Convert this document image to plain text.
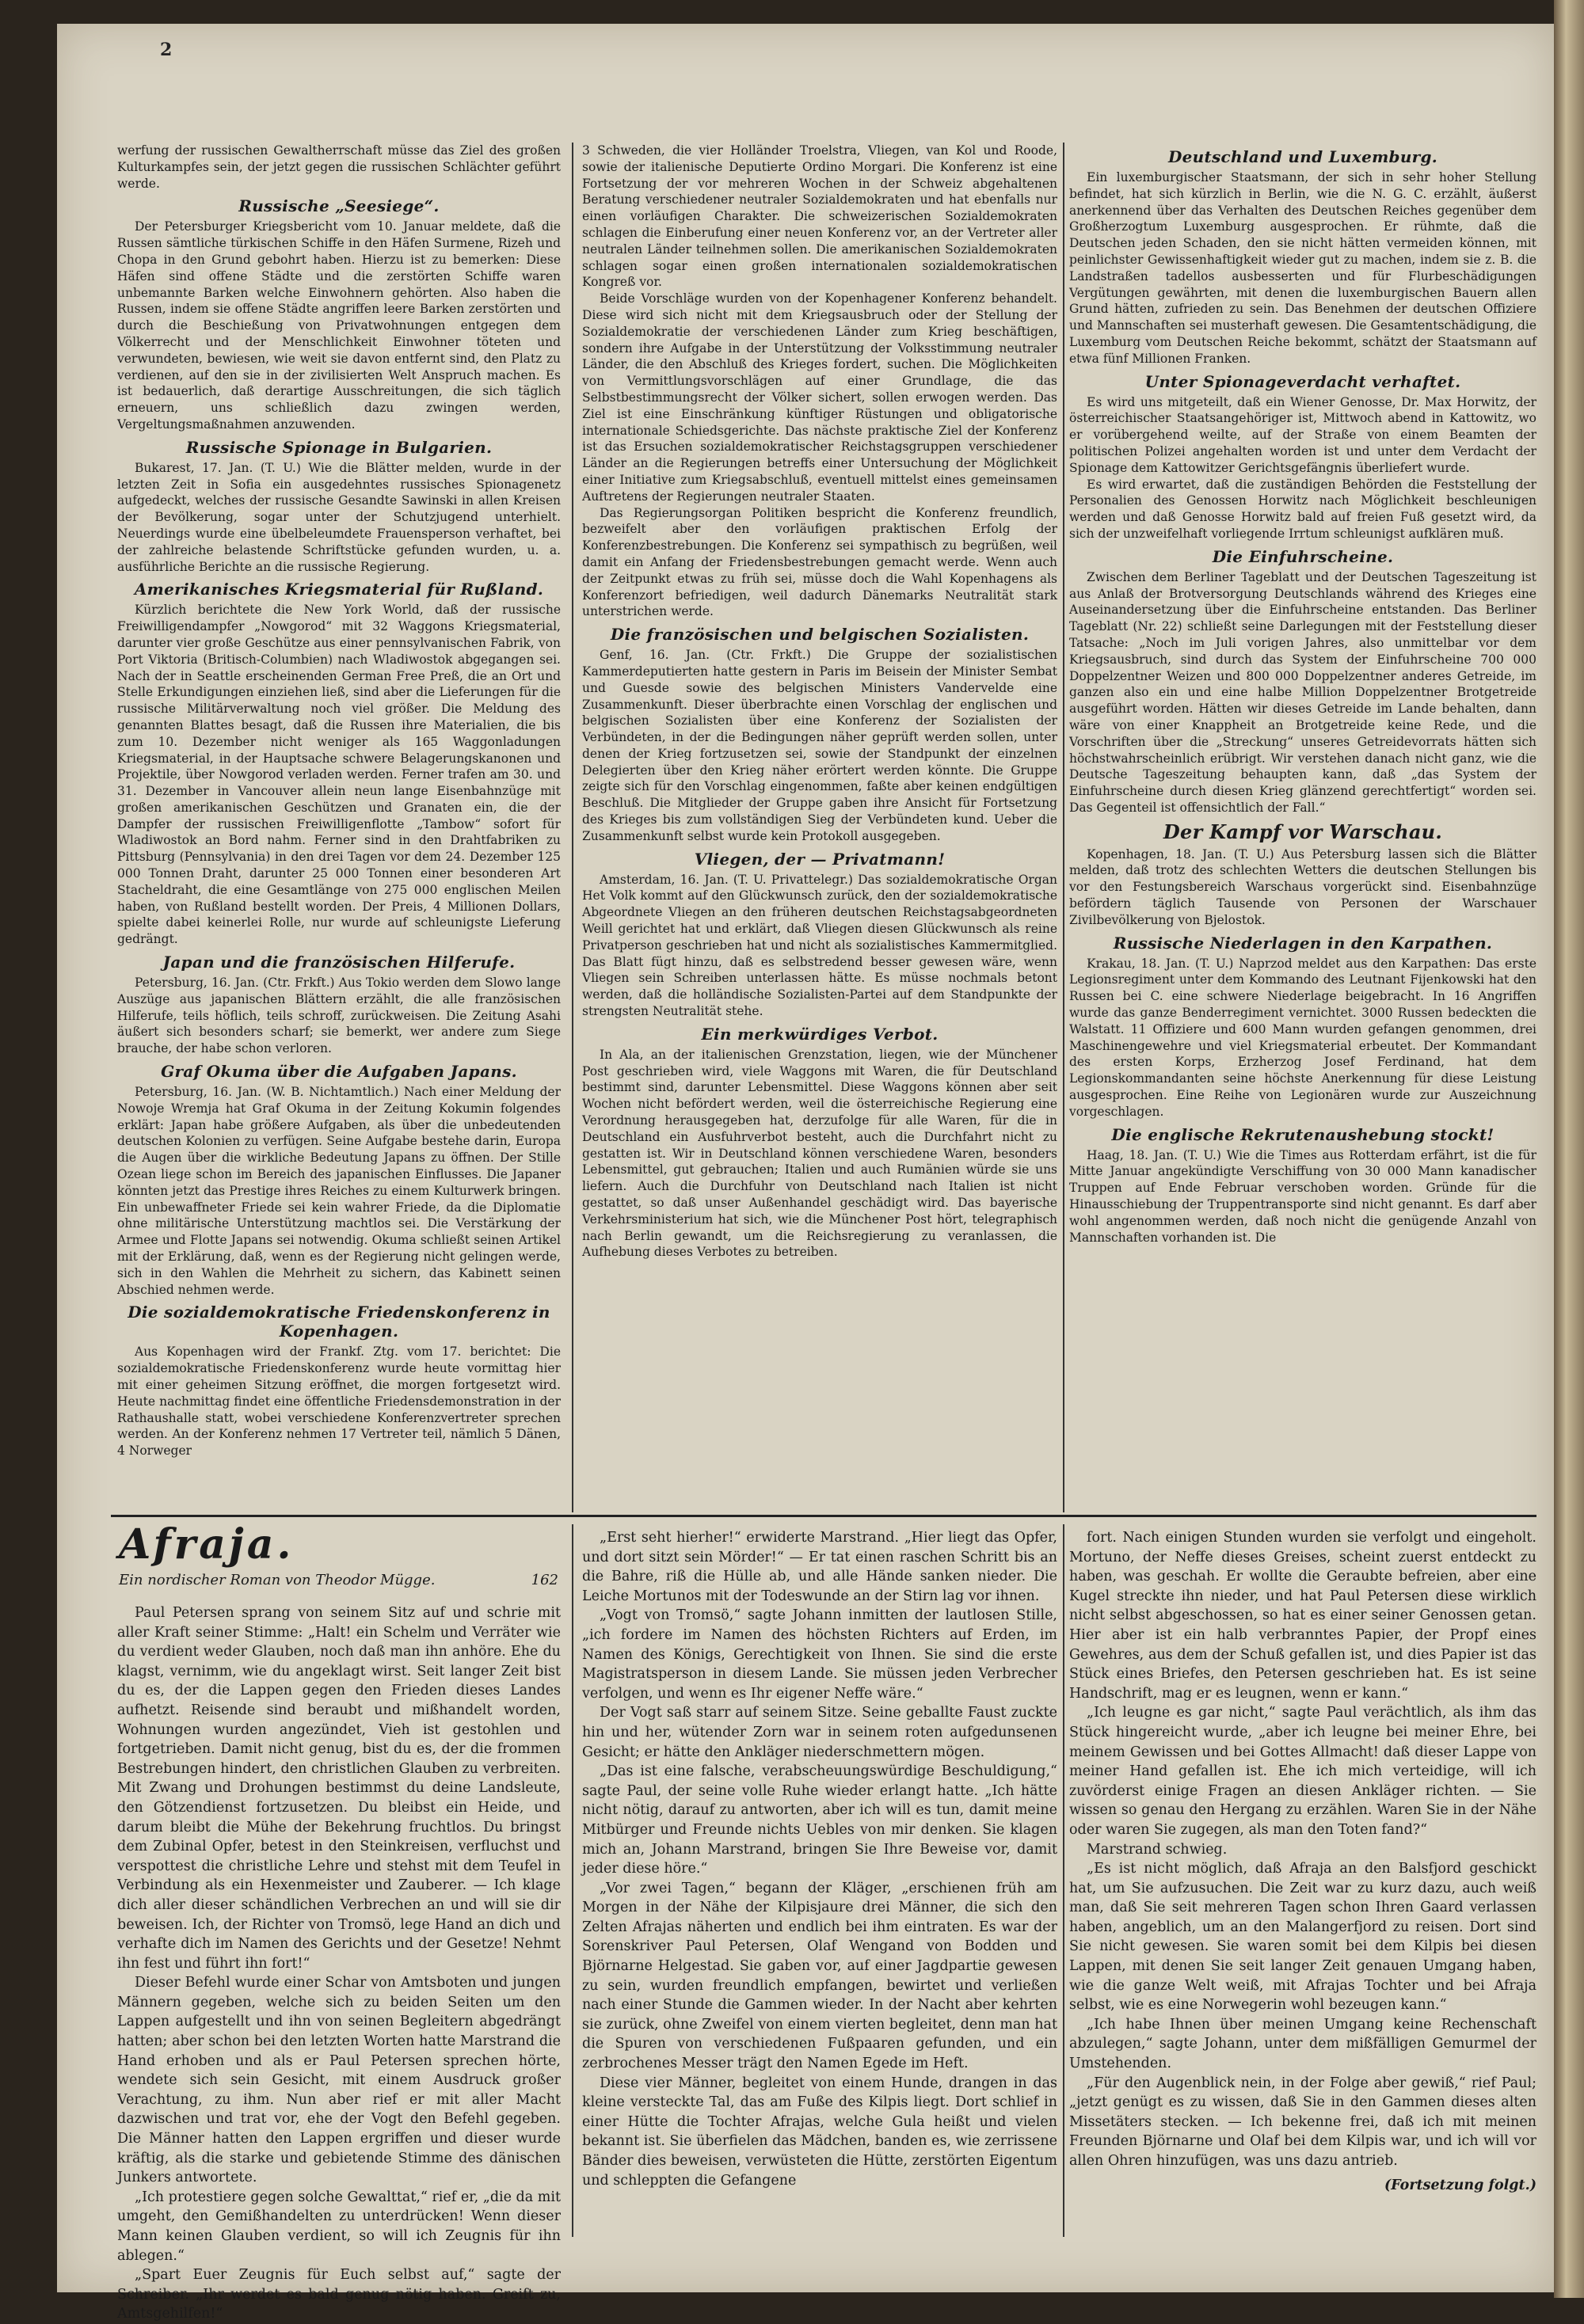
2

werfung der russischen Gewaltherrschaft müsse das Ziel des großen Kulturkampfes sein, der jetzt gegen die russischen Schlächter geführt werde.

Russische „Seesiege“.

Der Petersburger Kriegsbericht vom 10. Januar meldete, daß die Russen sämtliche türkischen Schiffe in den Häfen Surmene, Rizeh und Chopa in den Grund gebohrt haben. Hierzu ist zu bemerken: Diese Häfen sind offene Städte und die zerstörten Schiffe waren unbemannte Barken welche Einwohnern gehörten. Also haben die Russen, indem sie offene Städte angriffen leere Barken zerstörten und durch die Beschießung von Privatwohnungen entgegen dem Völkerrecht und der Menschlichkeit Einwohner töteten und verwundeten, bewiesen, wie weit sie davon entfernt sind, den Platz zu verdienen, auf den sie in der zivilisierten Welt Anspruch machen. Es ist bedauerlich, daß derartige Ausschreitungen, die sich täglich erneuern, uns schließlich dazu zwingen werden, Vergeltungsmaßnahmen anzuwenden.

Russische Spionage in Bulgarien.

Bukarest, 17. Jan. (T. U.) Wie die Blätter melden, wurde in der letzten Zeit in Sofia ein ausgedehntes russisches Spionagenetz aufgedeckt, welches der russische Gesandte Sawinski in allen Kreisen der Bevölkerung, sogar unter der Schutzjugend unterhielt. Neuerdings wurde eine übelbeleumdete Frauensperson verhaftet, bei der zahlreiche belastende Schriftstücke gefunden wurden, u. a. ausführliche Berichte an die russische Regierung.

Amerikanisches Kriegsmaterial für Rußland.

Kürzlich berichtete die New York World, daß der russische Freiwilligendampfer „Nowgorod“ mit 32 Waggons Kriegsmaterial, darunter vier große Geschütze aus einer pennsylvanischen Fabrik, von Port Viktoria (Britisch-Columbien) nach Wladiwostok abgegangen sei. Nach der in Seattle erscheinenden German Free Preß, die an Ort und Stelle Erkundigungen einziehen ließ, sind aber die Lieferungen für die russische Militärverwaltung noch viel größer. Die Meldung des genannten Blattes besagt, daß die Russen ihre Materialien, die bis zum 10. Dezember nicht weniger als 165 Waggonladungen Kriegsmaterial, in der Hauptsache schwere Belagerungskanonen und Projektile, über Nowgorod verladen werden. Ferner trafen am 30. und 31. Dezember in Vancouver allein neun lange Eisenbahnzüge mit großen amerikanischen Geschützen und Granaten ein, die der Dampfer der russischen Freiwilligenflotte „Tambow“ sofort für Wladiwostok an Bord nahm. Ferner sind in den Drahtfabriken zu Pittsburg (Pennsylvania) in den drei Tagen vor dem 24. Dezember 125 000 Tonnen Draht, darunter 25 000 Tonnen einer besonderen Art Stacheldraht, die eine Gesamtlänge von 275 000 englischen Meilen haben, von Rußland bestellt worden. Der Preis, 4 Millionen Dollars, spielte dabei keinerlei Rolle, nur wurde auf schleunigste Lieferung gedrängt.

Japan und die französischen Hilferufe.

Petersburg, 16. Jan. (Ctr. Frkft.) Aus Tokio werden dem Slowo lange Auszüge aus japanischen Blättern erzählt, die alle französischen Hilferufe, teils höflich, teils schroff, zurückweisen. Die Zeitung Asahi äußert sich besonders scharf; sie bemerkt, wer andere zum Siege brauche, der habe schon verloren.

Graf Okuma über die Aufgaben Japans.

Petersburg, 16. Jan. (W. B. Nichtamtlich.) Nach einer Meldung der Nowoje Wremja hat Graf Okuma in der Zeitung Kokumin folgendes erklärt: Japan habe größere Aufgaben, als über die unbedeutenden deutschen Kolonien zu verfügen. Seine Aufgabe bestehe darin, Europa die Augen über die wirkliche Bedeutung Japans zu öffnen. Der Stille Ozean liege schon im Bereich des japanischen Einflusses. Die Japaner könnten jetzt das Prestige ihres Reiches zu einem Kulturwerk bringen. Ein unbewaffneter Friede sei kein wahrer Friede, da die Diplomatie ohne militärische Unterstützung machtlos sei. Die Verstärkung der Armee und Flotte Japans sei notwendig. Okuma schließt seinen Artikel mit der Erklärung, daß, wenn es der Regierung nicht gelingen werde, sich in den Wahlen die Mehrheit zu sichern, das Kabinett seinen Abschied nehmen werde.

Die sozialdemokratische Friedenskonferenz in Kopenhagen.

Aus Kopenhagen wird der Frankf. Ztg. vom 17. berichtet: Die sozialdemokratische Friedenskonferenz wurde heute vormittag hier mit einer geheimen Sitzung eröffnet, die morgen fortgesetzt wird. Heute nachmittag findet eine öffentliche Friedensdemonstration in der Rathaushalle statt, wobei verschiedene Konferenzvertreter sprechen werden. An der Konferenz nehmen 17 Vertreter teil, nämlich 5 Dänen, 4 Norweger

3 Schweden, die vier Holländer Troelstra, Vliegen, van Kol und Roode, sowie der italienische Deputierte Ordino Morgari. Die Konferenz ist eine Fortsetzung der vor mehreren Wochen in der Schweiz abgehaltenen Beratung verschiedener neutraler Sozialdemokraten und hat ebenfalls nur einen vorläufigen Charakter. Die schweizerischen Sozialdemokraten schlagen die Einberufung einer neuen Konferenz vor, an der Vertreter aller neutralen Länder teilnehmen sollen. Die amerikanischen Sozialdemokraten schlagen sogar einen großen internationalen sozialdemokratischen Kongreß vor.

Beide Vorschläge wurden von der Kopenhagener Konferenz behandelt. Diese wird sich nicht mit dem Kriegsausbruch oder der Stellung der Sozialdemokratie der verschiedenen Länder zum Krieg beschäftigen, sondern ihre Aufgabe in der Unterstützung der Volksstimmung neutraler Länder, die den Abschluß des Krieges fordert, suchen. Die Möglichkeiten von Vermittlungsvorschlägen auf einer Grundlage, die das Selbstbestimmungsrecht der Völker sichert, sollen erwogen werden. Das Ziel ist eine Einschränkung künftiger Rüstungen und obligatorische internationale Schiedsgerichte. Das nächste praktische Ziel der Konferenz ist das Ersuchen sozialdemokratischer Reichstagsgruppen verschiedener Länder an die Regierungen betreffs einer Untersuchung der Möglichkeit einer Initiative zum Kriegsabschluß, eventuell mittelst eines gemeinsamen Auftretens der Regierungen neutraler Staaten.

Das Regierungsorgan Politiken bespricht die Konferenz freundlich, bezweifelt aber den vorläufigen praktischen Erfolg der Konferenzbestrebungen. Die Konferenz sei sympathisch zu begrüßen, weil damit ein Anfang der Friedensbestrebungen gemacht werde. Wenn auch der Zeitpunkt etwas zu früh sei, müsse doch die Wahl Kopenhagens als Konferenzort befriedigen, weil dadurch Dänemarks Neutralität stark unterstrichen werde.

Die französischen und belgischen Sozialisten.

Genf, 16. Jan. (Ctr. Frkft.) Die Gruppe der sozialistischen Kammerdeputierten hatte gestern in Paris im Beisein der Minister Sembat und Guesde sowie des belgischen Ministers Vandervelde eine Zusammenkunft. Dieser überbrachte einen Vorschlag der englischen und belgischen Sozialisten über eine Konferenz der Sozialisten der Verbündeten, in der die Bedingungen näher geprüft werden sollen, unter denen der Krieg fortzusetzen sei, sowie der Standpunkt der einzelnen Delegierten über den Krieg näher erörtert werden könnte. Die Gruppe zeigte sich für den Vorschlag eingenommen, faßte aber keinen endgültigen Beschluß. Die Mitglieder der Gruppe gaben ihre Ansicht für Fortsetzung des Krieges bis zum vollständigen Sieg der Verbündeten kund. Ueber die Zusammenkunft selbst wurde kein Protokoll ausgegeben.

Vliegen, der — Privatmann!

Amsterdam, 16. Jan. (T. U. Privattelegr.) Das sozialdemokratische Organ Het Volk kommt auf den Glückwunsch zurück, den der sozialdemokratische Abgeordnete Vliegen an den früheren deutschen Reichstagsabgeordneten Weill gerichtet hat und erklärt, daß Vliegen diesen Glückwunsch als reine Privatperson geschrieben hat und nicht als sozialistisches Kammermitglied. Das Blatt fügt hinzu, daß es selbstredend besser gewesen wäre, wenn Vliegen sein Schreiben unterlassen hätte. Es müsse nochmals betont werden, daß die holländische Sozialisten-Partei auf dem Standpunkte der strengsten Neutralität stehe.

Ein merkwürdiges Verbot.

In Ala, an der italienischen Grenzstation, liegen, wie der Münchener Post geschrieben wird, viele Waggons mit Waren, die für Deutschland bestimmt sind, darunter Lebensmittel. Diese Waggons können aber seit Wochen nicht befördert werden, weil die österreichische Regierung eine Verordnung herausgegeben hat, derzufolge für alle Waren, für die in Deutschland ein Ausfuhrverbot besteht, auch die Durchfahrt nicht zu gestatten ist. Wir in Deutschland können verschiedene Waren, besonders Lebensmittel, gut gebrauchen; Italien und auch Rumänien würde sie uns liefern. Auch die Durchfuhr von Deutschland nach Italien ist nicht gestattet, so daß unser Außenhandel geschädigt wird. Das bayerische Verkehrsministerium hat sich, wie die Münchener Post hört, telegraphisch nach Berlin gewandt, um die Reichsregierung zu veranlassen, die Aufhebung dieses Verbotes zu betreiben.

Deutschland und Luxemburg.

Ein luxemburgischer Staatsmann, der sich in sehr hoher Stellung befindet, hat sich kürzlich in Berlin, wie die N. G. C. erzählt, äußerst anerkennend über das Verhalten des Deutschen Reiches gegenüber dem Großherzogtum Luxemburg ausgesprochen. Er rühmte, daß die Deutschen jeden Schaden, den sie nicht hätten vermeiden können, mit peinlichster Gewissenhaftigkeit wieder gut zu machen, indem sie z. B. die Landstraßen tadellos ausbesserten und für Flurbeschädigungen Vergütungen gewährten, mit denen die luxemburgischen Bauern allen Grund hätten, zufrieden zu sein. Das Benehmen der deutschen Offiziere und Mannschaften sei musterhaft gewesen. Die Gesamtentschädigung, die Luxemburg vom Deutschen Reiche bekommt, schätzt der Staatsmann auf etwa fünf Millionen Franken.

Unter Spionageverdacht verhaftet.

Es wird uns mitgeteilt, daß ein Wiener Genosse, Dr. Max Horwitz, der österreichischer Staatsangehöriger ist, Mittwoch abend in Kattowitz, wo er vorübergehend weilte, auf der Straße von einem Beamten der politischen Polizei angehalten worden ist und unter dem Verdacht der Spionage dem Kattowitzer Gerichtsgefängnis überliefert wurde.

Es wird erwartet, daß die zuständigen Behörden die Feststellung der Personalien des Genossen Horwitz nach Möglichkeit beschleunigen werden und daß Genosse Horwitz bald auf freien Fuß gesetzt wird, da sich der unzweifelhaft vorliegende Irrtum schleunigst aufklären muß.

Die Einfuhrscheine.

Zwischen dem Berliner Tageblatt und der Deutschen Tageszeitung ist aus Anlaß der Brotversorgung Deutschlands während des Krieges eine Auseinandersetzung über die Einfuhrscheine entstanden. Das Berliner Tageblatt (Nr. 22) schließt seine Darlegungen mit der Feststellung dieser Tatsache: „Noch im Juli vorigen Jahres, also unmittelbar vor dem Kriegsausbruch, sind durch das System der Einfuhrscheine 700 000 Doppelzentner Weizen und 800 000 Doppelzentner anderes Getreide, im ganzen also ein und eine halbe Million Doppelzentner Brotgetreide ausgeführt worden. Hätten wir dieses Getreide im Lande behalten, dann wäre von einer Knappheit an Brotgetreide keine Rede, und die Vorschriften über die „Streckung“ unseres Getreidevorrats hätten sich höchstwahrscheinlich erübrigt. Wir verstehen danach nicht ganz, wie die Deutsche Tageszeitung behaupten kann, daß „das System der Einfuhrscheine durch diesen Krieg glänzend gerechtfertigt“ worden sei. Das Gegenteil ist offensichtlich der Fall.“

Der Kampf vor Warschau.

Kopenhagen, 18. Jan. (T. U.) Aus Petersburg lassen sich die Blätter melden, daß trotz des schlechten Wetters die deutschen Stellungen bis vor den Festungsbereich Warschaus vorgerückt sind. Eisenbahnzüge befördern täglich Tausende von Personen der Warschauer Zivilbevölkerung von Bjelostok.

Russische Niederlagen in den Karpathen.

Krakau, 18. Jan. (T. U.) Naprzod meldet aus den Karpathen: Das erste Legionsregiment unter dem Kommando des Leutnant Fijenkowski hat den Russen bei C. eine schwere Niederlage beigebracht. In 16 Angriffen wurde das ganze Benderregiment vernichtet. 3000 Russen bedeckten die Walstatt. 11 Offiziere und 600 Mann wurden gefangen genommen, drei Maschinengewehre und viel Kriegsmaterial erbeutet. Der Kommandant des ersten Korps, Erzherzog Josef Ferdinand, hat dem Legionskommandanten seine höchste Anerkennung für diese Leistung ausgesprochen. Eine Reihe von Legionären wurde zur Auszeichnung vorgeschlagen.

Die englische Rekrutenaushebung stockt!

Haag, 18. Jan. (T. U.) Wie die Times aus Rotterdam erfährt, ist die für Mitte Januar angekündigte Verschiffung von 30 000 Mann kanadischer Truppen auf Ende Februar verschoben worden. Gründe für die Hinausschiebung der Truppentransporte sind nicht genannt. Es darf aber wohl angenommen werden, daß noch nicht die genügende Anzahl von Mannschaften vorhanden ist. Die

Afraja.
Ein nordischer Roman von Theodor Mügge.	162

Paul Petersen sprang von seinem Sitz auf und schrie mit aller Kraft seiner Stimme: „Halt! ein Schelm und Verräter wie du verdient weder Glauben, noch daß man ihn anhöre. Ehe du klagst, vernimm, wie du angeklagt wirst. Seit langer Zeit bist du es, der die Lappen gegen den Frieden dieses Landes aufhetzt. Reisende sind beraubt und mißhandelt worden, Wohnungen wurden angezündet, Vieh ist gestohlen und fortgetrieben. Damit nicht genug, bist du es, der die frommen Bestrebungen hindert, den christlichen Glauben zu verbreiten. Mit Zwang und Drohungen bestimmst du deine Landsleute, den Götzendienst fortzusetzen. Du bleibst ein Heide, und darum bleibt die Mühe der Bekehrung fruchtlos. Du bringst dem Zubinal Opfer, betest in den Steinkreisen, verfluchst und verspottest die christliche Lehre und stehst mit dem Teufel in Verbindung als ein Hexenmeister und Zauberer. — Ich klage dich aller dieser schändlichen Verbrechen an und will sie dir beweisen. Ich, der Richter von Tromsö, lege Hand an dich und verhafte dich im Namen des Gerichts und der Gesetze! Nehmt ihn fest und führt ihn fort!“

Dieser Befehl wurde einer Schar von Amtsboten und jungen Männern gegeben, welche sich zu beiden Seiten um den Lappen aufgestellt und ihn von seinen Begleitern abgedrängt hatten; aber schon bei den letzten Worten hatte Marstrand die Hand erhoben und als er Paul Petersen sprechen hörte, wendete sich sein Gesicht, mit einem Ausdruck großer Verachtung, zu ihm. Nun aber rief er mit aller Macht dazwischen und trat vor, ehe der Vogt den Befehl gegeben. Die Männer hatten den Lappen ergriffen und dieser wurde kräftig, als die starke und gebietende Stimme des dänischen Junkers antwortete.

„Ich protestiere gegen solche Gewalttat,“ rief er, „die da mit umgeht, den Gemißhandelten zu unterdrücken! Wenn dieser Mann keinen Glauben verdient, so will ich Zeugnis für ihn ablegen.“

„Spart Euer Zeugnis für Euch selbst auf,“ sagte der Schreiber. „Ihr werdet es bald genug nötig haben. Greift zu, Amtsgehilfen!“

„Erst seht hierher!“ erwiderte Marstrand. „Hier liegt das Opfer, und dort sitzt sein Mörder!“ — Er tat einen raschen Schritt bis an die Bahre, riß die Hülle ab, und alle Hände sanken nieder. Die Leiche Mortunos mit der Todeswunde an der Stirn lag vor ihnen.

„Vogt von Tromsö,“ sagte Johann inmitten der lautlosen Stille, „ich fordere im Namen des höchsten Richters auf Erden, im Namen des Königs, Gerechtigkeit von Ihnen. Sie sind die erste Magistratsperson in diesem Lande. Sie müssen jeden Verbrecher verfolgen, und wenn es Ihr eigener Neffe wäre.“

Der Vogt saß starr auf seinem Sitze. Seine geballte Faust zuckte hin und her, wütender Zorn war in seinem roten aufgedunsenen Gesicht; er hätte den Ankläger niederschmettern mögen.

„Das ist eine falsche, verabscheuungswürdige Beschuldigung,“ sagte Paul, der seine volle Ruhe wieder erlangt hatte. „Ich hätte nicht nötig, darauf zu antworten, aber ich will es tun, damit meine Mitbürger und Freunde nichts Uebles von mir denken. Sie klagen mich an, Johann Marstrand, bringen Sie Ihre Beweise vor, damit jeder diese höre.“

„Vor zwei Tagen,“ begann der Kläger, „erschienen früh am Morgen in der Nähe der Kilpisjaure drei Männer, die sich den Zelten Afrajas näherten und endlich bei ihm eintraten. Es war der Sorenskriver Paul Petersen, Olaf Wengand von Bodden und Björnarne Helgestad. Sie gaben vor, auf einer Jagdpartie gewesen zu sein, wurden freundlich empfangen, bewirtet und verließen nach einer Stunde die Gammen wieder. In der Nacht aber kehrten sie zurück, ohne Zweifel von einem vierten begleitet, denn man hat die Spuren von verschiedenen Fußpaaren gefunden, und ein zerbrochenes Messer trägt den Namen Egede im Heft.

Diese vier Männer, begleitet von einem Hunde, drangen in das kleine versteckte Tal, das am Fuße des Kilpis liegt. Dort schlief in einer Hütte die Tochter Afrajas, welche Gula heißt und vielen bekannt ist. Sie überfielen das Mädchen, banden es, wie zerrissene Bänder dies beweisen, verwüsteten die Hütte, zerstörten Eigentum und schleppten die Gefangene

fort. Nach einigen Stunden wurden sie verfolgt und eingeholt. Mortuno, der Neffe dieses Greises, scheint zuerst entdeckt zu haben, was geschah. Er wollte die Geraubte befreien, aber eine Kugel streckte ihn nieder, und hat Paul Petersen diese wirklich nicht selbst abgeschossen, so hat es einer seiner Genossen getan. Hier aber ist ein halb verbranntes Papier, der Propf eines Gewehres, aus dem der Schuß gefallen ist, und dies Papier ist das Stück eines Briefes, den Petersen geschrieben hat. Es ist seine Handschrift, mag er es leugnen, wenn er kann.“

„Ich leugne es gar nicht,“ sagte Paul verächtlich, als ihm das Stück hingereicht wurde, „aber ich leugne bei meiner Ehre, bei meinem Gewissen und bei Gottes Allmacht! daß dieser Lappe von meiner Hand gefallen ist. Ehe ich mich verteidige, will ich zuvörderst einige Fragen an diesen Ankläger richten. — Sie wissen so genau den Hergang zu erzählen. Waren Sie in der Nähe oder waren Sie zugegen, als man den Toten fand?“

Marstrand schwieg.

„Es ist nicht möglich, daß Afraja an den Balsfjord geschickt hat, um Sie aufzusuchen. Die Zeit war zu kurz dazu, auch weiß man, daß Sie seit mehreren Tagen schon Ihren Gaard verlassen haben, angeblich, um an den Malangerfjord zu reisen. Dort sind Sie nicht gewesen. Sie waren somit bei dem Kilpis bei diesen Lappen, mit denen Sie seit langer Zeit genauen Umgang haben, wie die ganze Welt weiß, mit Afrajas Tochter und bei Afraja selbst, wie es eine Norwegerin wohl bezeugen kann.“

„Ich habe Ihnen über meinen Umgang keine Rechenschaft abzulegen,“ sagte Johann, unter dem mißfälligen Gemurmel der Umstehenden.

„Für den Augenblick nein, in der Folge aber gewiß,“ rief Paul; „jetzt genügt es zu wissen, daß Sie in den Gammen dieses alten Missetäters stecken. — Ich bekenne frei, daß ich mit meinen Freunden Björnarne und Olaf bei dem Kilpis war, und ich will vor allen Ohren hinzufügen, was uns dazu antrieb.

(Fortsetzung folgt.)
